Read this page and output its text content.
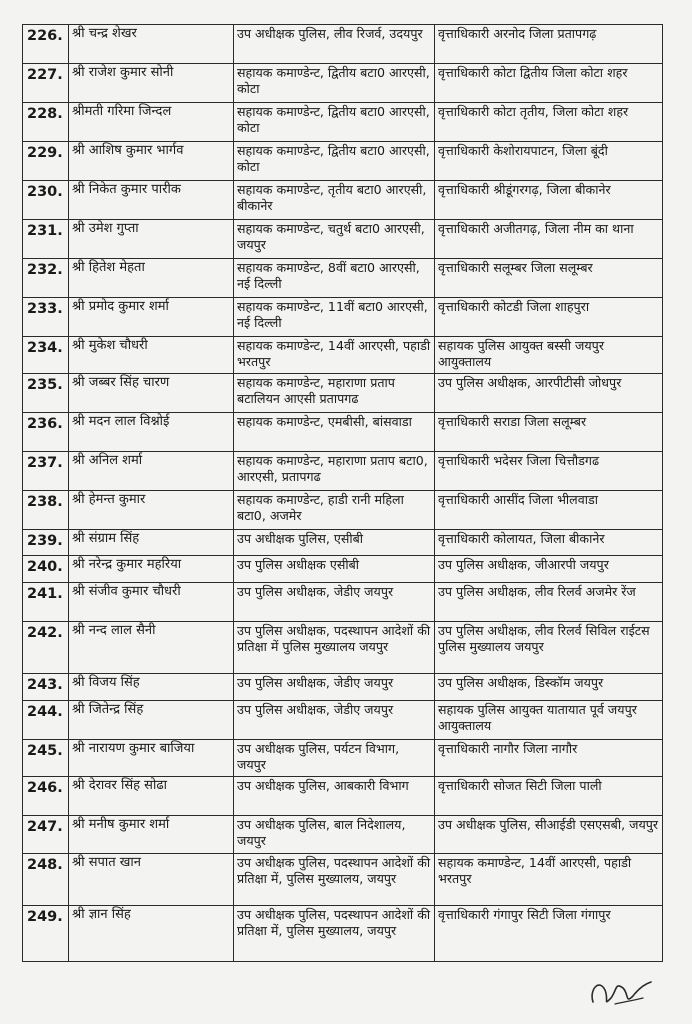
226.	श्री चन्द्र शेखर	उप अधीक्षक पुलिस, लीव रिजर्व, उदयपुर	वृत्ताधिकारी अरनोद जिला प्रतापगढ़
227.	श्री राजेश कुमार सोनी	सहायक कमाण्डेन्ट, द्वितीय बटा0 आरएसी, कोटा	वृत्ताधिकारी कोटा द्वितीय जिला कोटा शहर
228.	श्रीमती गरिमा जिन्दल	सहायक कमाण्डेन्ट, द्वितीय बटा0 आरएसी, कोटा	वृत्ताधिकारी कोटा तृतीय, जिला कोटा शहर
229.	श्री आशिष कुमार भार्गव	सहायक कमाण्डेन्ट, द्वितीय बटा0 आरएसी, कोटा	वृत्ताधिकारी केशोरायपाटन, जिला बूंदी
230.	श्री निकेत कुमार पारीक	सहायक कमाण्डेन्ट, तृतीय बटा0 आरएसी, बीकानेर	वृत्ताधिकारी श्रीडूंगरगढ़, जिला बीकानेर
231.	श्री उमेश गुप्ता	सहायक कमाण्डेन्ट, चतुर्थ बटा0 आरएसी, जयपुर	वृत्ताधिकारी अजीतगढ़, जिला नीम का थाना
232.	श्री हितेश मेहता	सहायक कमाण्डेन्ट, 8वीं बटा0 आरएसी, नई दिल्ली	वृत्ताधिकारी सलूम्बर जिला सलूम्बर
233.	श्री प्रमोद कुमार शर्मा	सहायक कमाण्डेन्ट, 11वीं बटा0 आरएसी, नई दिल्ली	वृत्ताधिकारी कोटडी जिला शाहपुरा
234.	श्री मुकेश चौधरी	सहायक कमाण्डेन्ट, 14वीं आरएसी, पहाडी भरतपुर	सहायक पुलिस आयुक्त बस्सी जयपुर आयुक्तालय
235.	श्री जब्बर सिंह चारण	सहायक कमाण्डेन्ट, महाराणा प्रताप बटालियन आएसी प्रतापगढ	उप पुलिस अधीक्षक, आरपीटीसी जोधपुर
236.	श्री मदन लाल विश्नोई	सहायक कमाण्डेन्ट, एमबीसी, बांसवाडा	वृत्ताधिकारी सराडा जिला सलूम्बर
237.	श्री अनिल शर्मा	सहायक कमाण्डेन्ट, महाराणा प्रताप बटा0, आरएसी, प्रतापगढ	वृत्ताधिकारी भदेसर जिला चित्तौडगढ
238.	श्री हेमन्त कुमार	सहायक कमाण्डेन्ट, हाडी रानी महिला बटा0, अजमेर	वृत्ताधिकारी आसींद जिला भीलवाडा
239.	श्री संग्राम सिंह	उप अधीक्षक पुलिस, एसीबी	वृत्ताधिकारी कोलायत, जिला बीकानेर
240.	श्री नरेन्द्र कुमार महरिया	उप पुलिस अधीक्षक एसीबी	उप पुलिस अधीक्षक, जीआरपी जयपुर
241.	श्री संजीव कुमार चौधरी	उप पुलिस अधीक्षक, जेडीए जयपुर	उप पुलिस अधीक्षक, लीव रिलर्व अजमेर रेंज
242.	श्री नन्द लाल सैनी	उप पुलिस अधीक्षक, पदस्थापन आदेशों की प्रतिक्षा में पुलिस मुख्यालय जयपुर	उप पुलिस अधीक्षक, लीव रिलर्व सिविल राईटस पुलिस मुख्यालय जयपुर
243.	श्री विजय सिंह	उप पुलिस अधीक्षक, जेडीए जयपुर	उप पुलिस अधीक्षक, डिस्कॉम जयपुर
244.	श्री जितेन्द्र सिंह	उप पुलिस अधीक्षक, जेडीए जयपुर	सहायक पुलिस आयुक्त यातायात पूर्व जयपुर आयुक्तालय
245.	श्री नारायण कुमार बाजिया	उप अधीक्षक पुलिस, पर्यटन विभाग, जयपुर	वृत्ताधिकारी नागौर जिला नागौर
246.	श्री देरावर सिंह सोढा	उप अधीक्षक पुलिस, आबकारी विभाग	वृत्ताधिकारी सोजत सिटी जिला पाली
247.	श्री मनीष कुमार शर्मा	उप अधीक्षक पुलिस, बाल निदेशालय, जयपुर	उप अधीक्षक पुलिस, सीआईडी एसएसबी, जयपुर
248.	श्री सपात खान	उप अधीक्षक पुलिस, पदस्थापन आदेशों की प्रतिक्षा में, पुलिस मुख्यालय, जयपुर	सहायक कमाण्डेन्ट, 14वीं आरएसी, पहाडी भरतपुर
249.	श्री ज्ञान सिंह	उप अधीक्षक पुलिस, पदस्थापन आदेशों की प्रतिक्षा में, पुलिस मुख्यालय, जयपुर	वृत्ताधिकारी गंगापुर सिटी जिला गंगापुर
